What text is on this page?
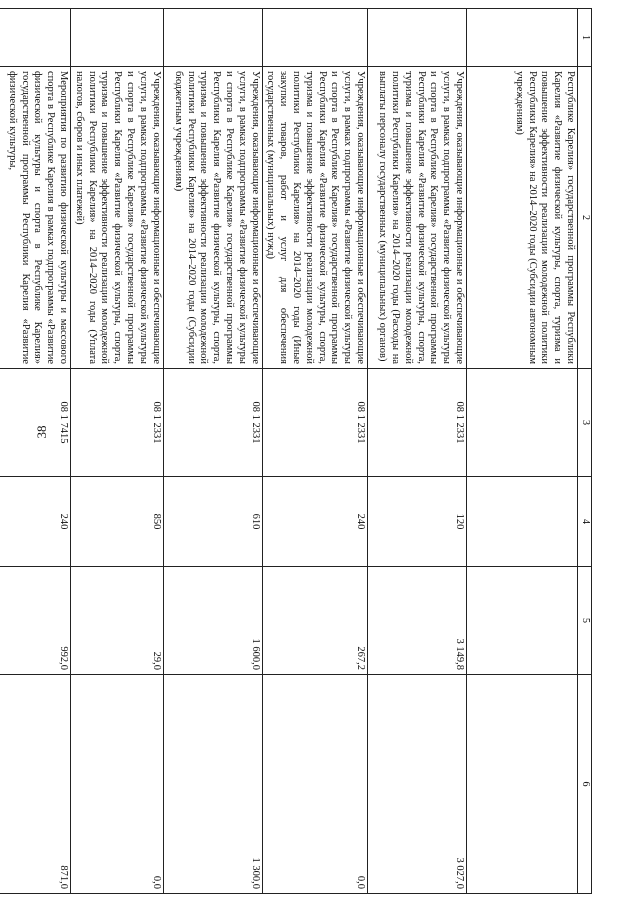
38
1	2	3	4	5	6
	Республике Карелия» государственной программы Республики Карелия «Развитие физической культуры, спорта, туризма и повышение эффективности реализации молодежной политики Республики Карелия» на 2014–2020 годы (Субсидии автономным учреждениям)				
	Учреждения, оказывающие информационные и обеспечивающие услуги, в рамках подпрограммы «Развитие физической культуры и спорта в Республике Карелия» государственной программы Республики Карелия «Развитие физической культуры, спорта, туризма и повышение эффективности реализации молодежной политики Республики Карелия» на 2014–2020 годы (Расходы на выплаты персоналу государственных (муниципальных) органов)	08 1 2331	120	3 149,8	3 027,0
	Учреждения, оказывающие информационные и обеспечивающие услуги, в рамках подпрограммы «Развитие физической культуры и спорта в Республике Карелия» государственной программы Республики Карелия «Развитие физической культуры, спорта, туризма и повышение эффективности реализации молодежной политики Республики Карелия» на 2014–2020 годы (Иные закупки товаров, работ и услуг для обеспечения государственных (муниципальных) нужд)	08 1 2331	240	267,2	0,0
	Учреждения, оказывающие информационные и обеспечивающие услуги, в рамках подпрограммы «Развитие физической культуры и спорта в Республике Карелия» государственной программы Республики Карелия «Развитие физической культуры, спорта, туризма и повышение эффективности реализации молодежной политики Республики Карелия» на 2014–2020 годы (Субсидии бюджетным учреждениям)	08 1 2331	610	1 600,0	1 300,0
	Учреждения, оказывающие информационные и обеспечивающие услуги, в рамках подпрограммы «Развитие физической культуры и спорта в Республике Карелия» государственной программы Республики Карелия «Развитие физической культуры, спорта, туризма и повышение эффективности реализации молодежной политики Республики Карелия» на 2014–2020 годы (Уплата налогов, сборов и иных платежей)	08 1 2331	850	29,0	0,0
	Мероприятия по развитию физической культуры и массового спорта в Республике Карелия в рамках подпрограммы «Развитие физической культуры и спорта в Республике Карелия» государственной программы Республики Карелия «Развитие физической культуры,	08 1 7415	240	992,0	871,0
